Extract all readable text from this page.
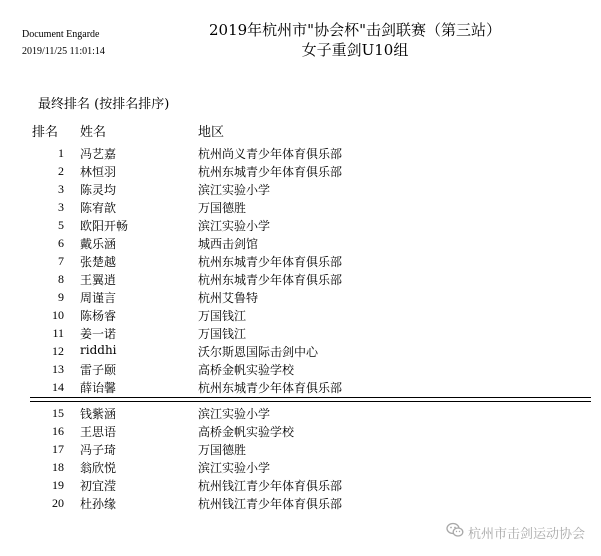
Document Engarde
2019/11/25 11:01:14
2019年杭州市"协会杯"击剑联赛（第三站）
女子重剑U10组
最终排名 (按排名排序)
排名 姓名	地区
1 冯艺嘉	杭州尚义青少年体育俱乐部
2 林恒羽	杭州东城青少年体育俱乐部
3 陈灵均	滨江实验小学
3 陈宥歆	万国德胜
5 欧阳开畅	滨江实验小学
6 戴乐涵	城西击剑馆
7 张楚越	杭州东城青少年体育俱乐部
8 王翼逍	杭州东城青少年体育俱乐部
9 周谨言	杭州艾鲁特
10 陈杨睿	万国钱江
11 姜一诺	万国钱江
12 riddhi	沃尔斯恩国际击剑中心
13 雷子颐	高桥金帆实验学校
14 薛诒馨	杭州东城青少年体育俱乐部
15 钱紫涵	滨江实验小学
16 王思语	高桥金帆实验学校
17 冯子琦	万国德胜
18 翁欣悦	滨江实验小学
19 初宜滢	杭州钱江青少年体育俱乐部
20 杜孙缘	杭州钱江青少年体育俱乐部
杭州市击剑运动协会
